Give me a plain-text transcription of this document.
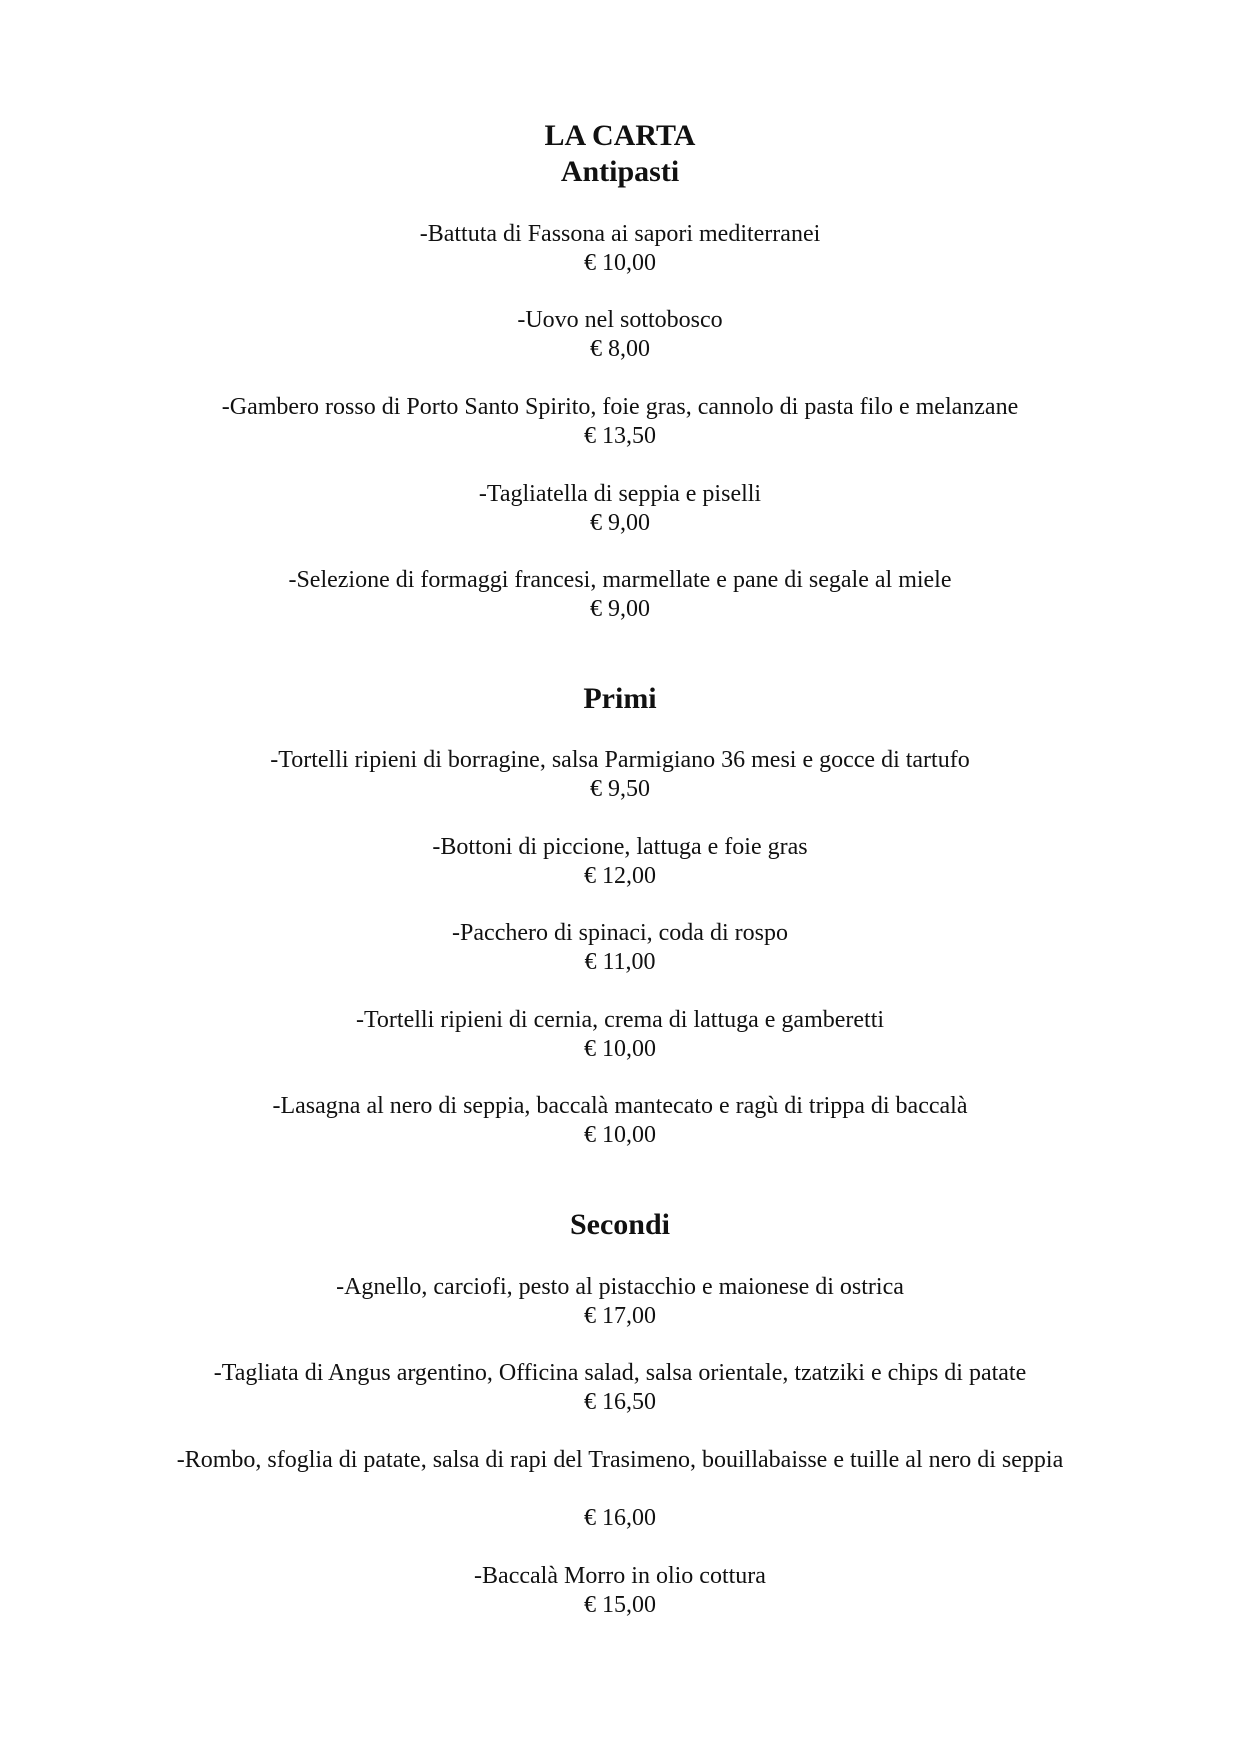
LA CARTA
Antipasti
-Battuta di Fassona ai sapori mediterranei
€ 10,00
-Uovo nel sottobosco
€ 8,00
-Gambero rosso di Porto Santo Spirito, foie gras, cannolo di pasta filo e melanzane
€ 13,50
-Tagliatella di seppia e piselli
€ 9,00
-Selezione di formaggi francesi, marmellate e pane di segale al miele
€ 9,00
Primi
-Tortelli ripieni di borragine, salsa Parmigiano 36 mesi e gocce di tartufo
€ 9,50
-Bottoni di piccione, lattuga e foie gras
€ 12,00
-Pacchero di spinaci, coda di rospo
€ 11,00
-Tortelli ripieni di cernia, crema di lattuga e gamberetti
€ 10,00
-Lasagna al nero di seppia, baccalà mantecato e ragù di trippa di baccalà
€ 10,00
Secondi
-Agnello, carciofi, pesto al pistacchio e maionese di ostrica
€ 17,00
-Tagliata di Angus argentino, Officina salad, salsa orientale, tzatziki e chips di patate
€ 16,50
-Rombo, sfoglia di patate, salsa di rapi del Trasimeno, bouillabaisse e tuille al nero di seppia
€ 16,00
-Baccalà Morro in olio cottura
€ 15,00
